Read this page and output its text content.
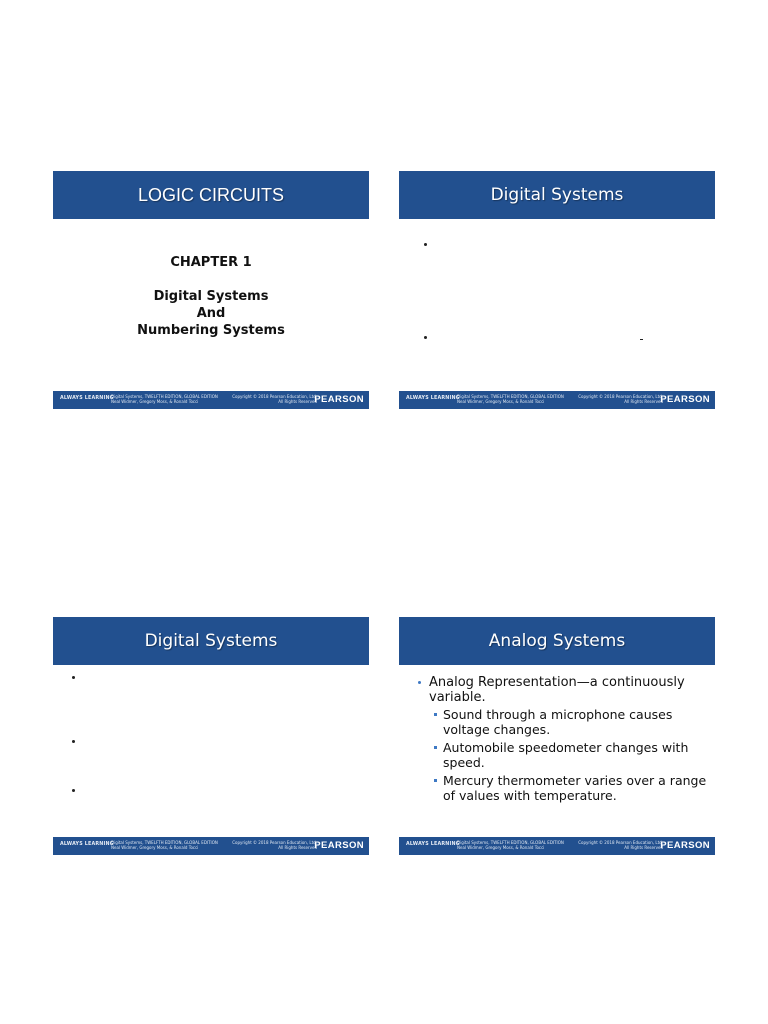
LOGIC CIRCUITS
CHAPTER 1
Digital Systems
And
Numbering Systems
ALWAYS LEARNING
Digital Systems, TWELFTH EDITION, GLOBAL EDITION
Neal Widmer, Gregory Moss, & Ronald Tocci
Copyright © 2018 Pearson Education, Ltd.
All Rights Reserved
PEARSON
Digital Systems
ALWAYS LEARNING
Digital Systems, TWELFTH EDITION, GLOBAL EDITION
Neal Widmer, Gregory Moss, & Ronald Tocci
Copyright © 2018 Pearson Education, Ltd.
All Rights Reserved
PEARSON
Digital Systems
ALWAYS LEARNING
Digital Systems, TWELFTH EDITION, GLOBAL EDITION
Neal Widmer, Gregory Moss, & Ronald Tocci
Copyright © 2018 Pearson Education, Ltd.
All Rights Reserved
PEARSON
Analog Systems
Analog Representation—a continuously variable.
Sound through a microphone causes voltage changes.
Automobile speedometer changes with speed.
Mercury thermometer varies over a range of values with temperature.
ALWAYS LEARNING
Digital Systems, TWELFTH EDITION, GLOBAL EDITION
Neal Widmer, Gregory Moss, & Ronald Tocci
Copyright © 2018 Pearson Education, Ltd.
All Rights Reserved
PEARSON
